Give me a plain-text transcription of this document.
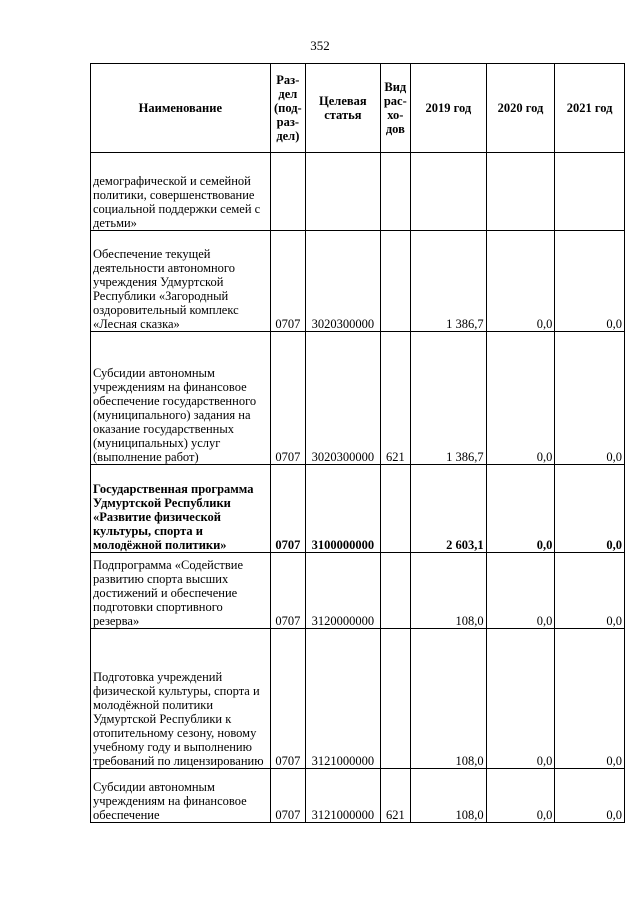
352
Наименование	Раз-
дел
(под-
раз-
дел)	Целевая
статья	Вид
рас-
хо-
дов	2019 год	2020 год	2021 год
демографической и семейной политики, совершенствование социальной поддержки семей с детьми»						
Обеспечение текущей деятельности автономного учреждения Удмуртской Республики «Загородный оздоровительный комплекс «Лесная сказка»	0707	3020300000		1 386,7	0,0	0,0
Субсидии автономным учреждениям на финансовое обеспечение государственного (муниципального) задания на оказание государственных (муниципальных) услуг (выполнение работ)	0707	3020300000	621	1 386,7	0,0	0,0
Государственная программа Удмуртской Республики «Развитие физической культуры, спорта и молодёжной политики»	0707	3100000000		2 603,1	0,0	0,0
Подпрограмма «Содействие развитию спорта высших достижений и обеспечение подготовки спортивного резерва»	0707	3120000000		108,0	0,0	0,0
Подготовка учреждений физической культуры, спорта и молодёжной политики Удмуртской Республики к отопительному сезону, новому учебному году и выполнению требований по лицензированию	0707	3121000000		108,0	0,0	0,0
Субсидии автономным учреждениям на финансовое обеспечение	0707	3121000000	621	108,0	0,0	0,0
